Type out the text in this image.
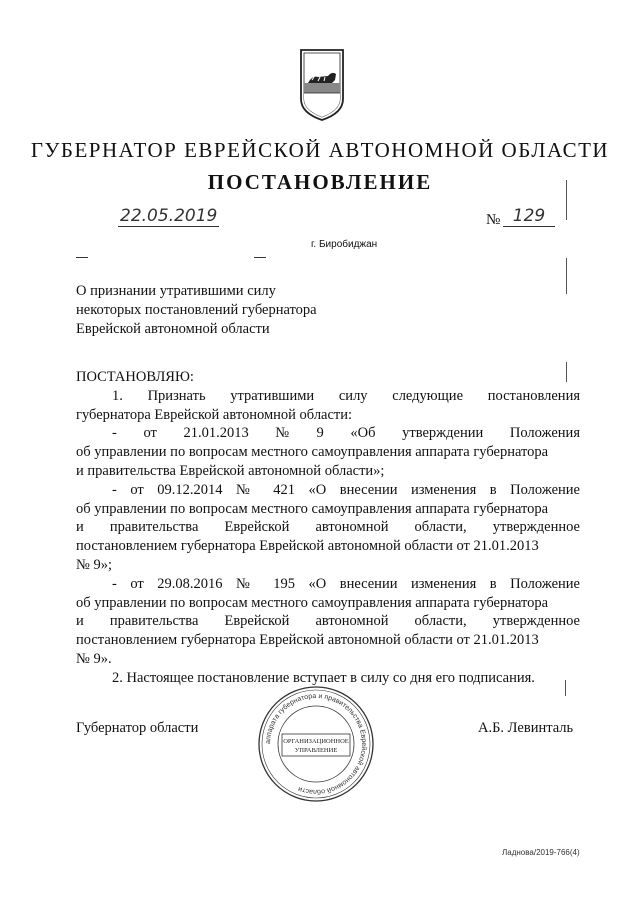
ГУБЕРНАТОР ЕВРЕЙСКОЙ АВТОНОМНОЙ ОБЛАСТИ
ПОСТАНОВЛЕНИЕ
22.05.2019	№ 129
г. Биробиджан
О признании утратившими силу
некоторых постановлений губернатора
Еврейской автономной области

ПОСТАНОВЛЯЮ:

1.      Признать      утратившими      силу      следующие      постановления

губернатора Еврейской автономной области:

-      от      21.01.2013      №      9      «Об      утверждении      Положения

об управлении по вопросам местного самоуправления аппарата губернатора

и правительства Еврейской автономной области»;

- от 09.12.2014 № 421 «О внесении изменения в Положение

об управлении по вопросам местного самоуправления аппарата губернатора

и правительства Еврейской автономной области, утвержденное

постановлением губернатора Еврейской автономной области от 21.01.2013

№ 9»;

- от 29.08.2016 № 195 «О внесении изменения в Положение

об управлении по вопросам местного самоуправления аппарата губернатора

и правительства Еврейской автономной области, утвержденное

постановлением губернатора Еврейской автономной области от 21.01.2013

№ 9».

2. Настоящее постановление вступает в силу со дня его подписания.

Губернатор области	А.Б. Левинталь
аппарата губернатора и правительства Еврейской автономной области
ОРГАНИЗАЦИОННОЕ
УПРАВЛЕНИЕ
Ладнова/2019-766(4)
